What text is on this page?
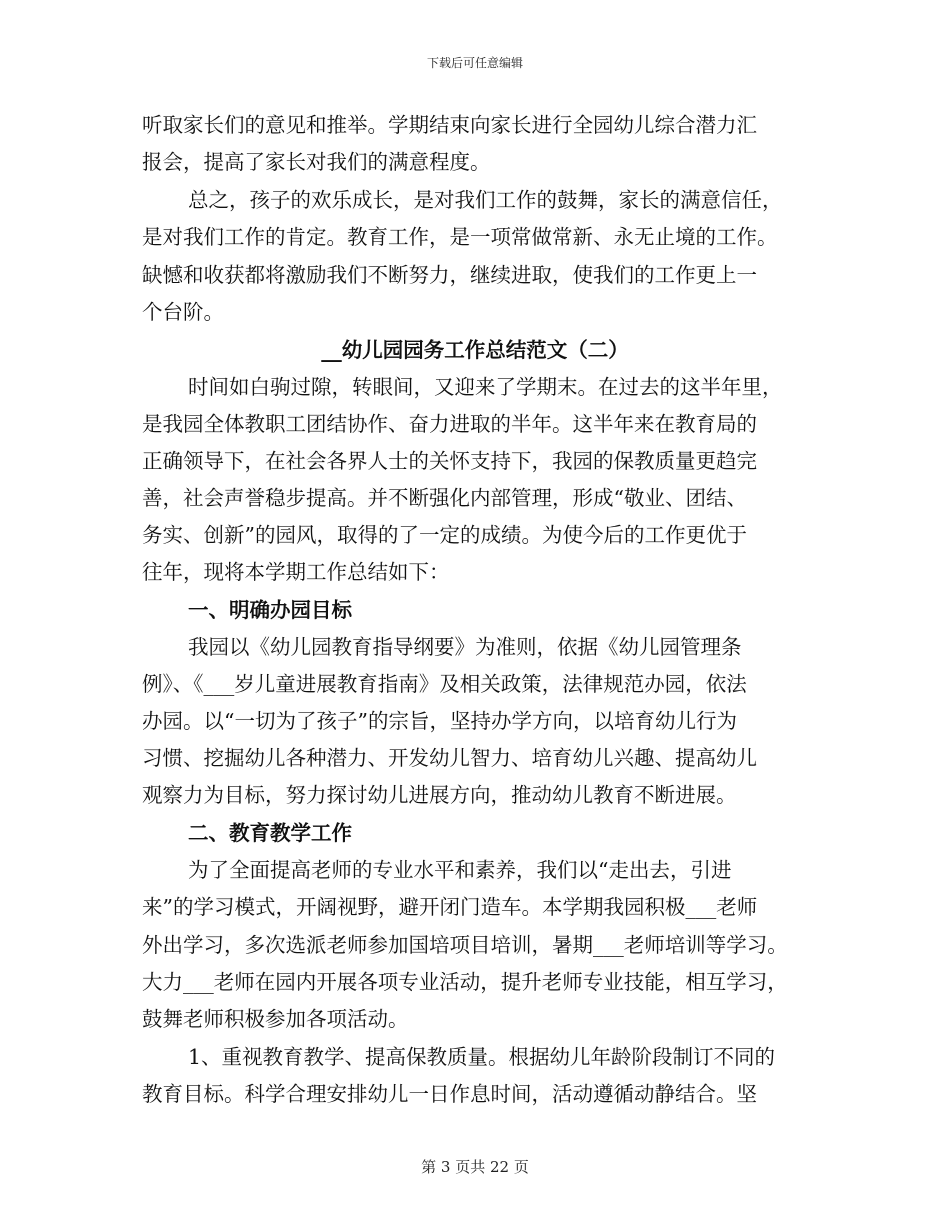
下载后可任意编辑
听取家长们的意见和推举。学期结束向家长进行全园幼儿综合潜力汇
报会，提高了家长对我们的满意程度。
总之，孩子的欢乐成长，是对我们工作的鼓舞，家长的满意信任，
是对我们工作的肯定。教育工作，是一项常做常新、永无止境的工作。
缺憾和收获都将激励我们不断努力，继续进取，使我们的工作更上一
个台阶。
__幼儿园园务工作总结范文（二）
时间如白驹过隙，转眼间，又迎来了学期末。在过去的这半年里，
是我园全体教职工团结协作、奋力进取的半年。这半年来在教育局的
正确领导下，在社会各界人士的关怀支持下，我园的保教质量更趋完
善，社会声誉稳步提高。并不断强化内部管理，形成“敬业、团结、
务实、创新”的园风，取得的了一定的成绩。为使今后的工作更优于
往年，现将本学期工作总结如下：
一、明确办园目标
我园以《幼儿园教育指导纲要》为准则，依据《幼儿园管理条
例》、《___岁儿童进展教育指南》及相关政策，法律规范办园，依法
办园。以“一切为了孩子”的宗旨，坚持办学方向，以培育幼儿行为
习惯、挖掘幼儿各种潜力、开发幼儿智力、培育幼儿兴趣、提高幼儿
观察力为目标，努力探讨幼儿进展方向，推动幼儿教育不断进展。
二、教育教学工作
为了全面提高老师的专业水平和素养，我们以“走出去，引进
来”的学习模式，开阔视野，避开闭门造车。本学期我园积极___老师
外出学习，多次选派老师参加国培项目培训，暑期___老师培训等学习。
大力___老师在园内开展各项专业活动，提升老师专业技能，相互学习，
鼓舞老师积极参加各项活动。
1、重视教育教学、提高保教质量。根据幼儿年龄阶段制订不同的
教育目标。科学合理安排幼儿一日作息时间，活动遵循动静结合。坚
第 3 页共 22 页
